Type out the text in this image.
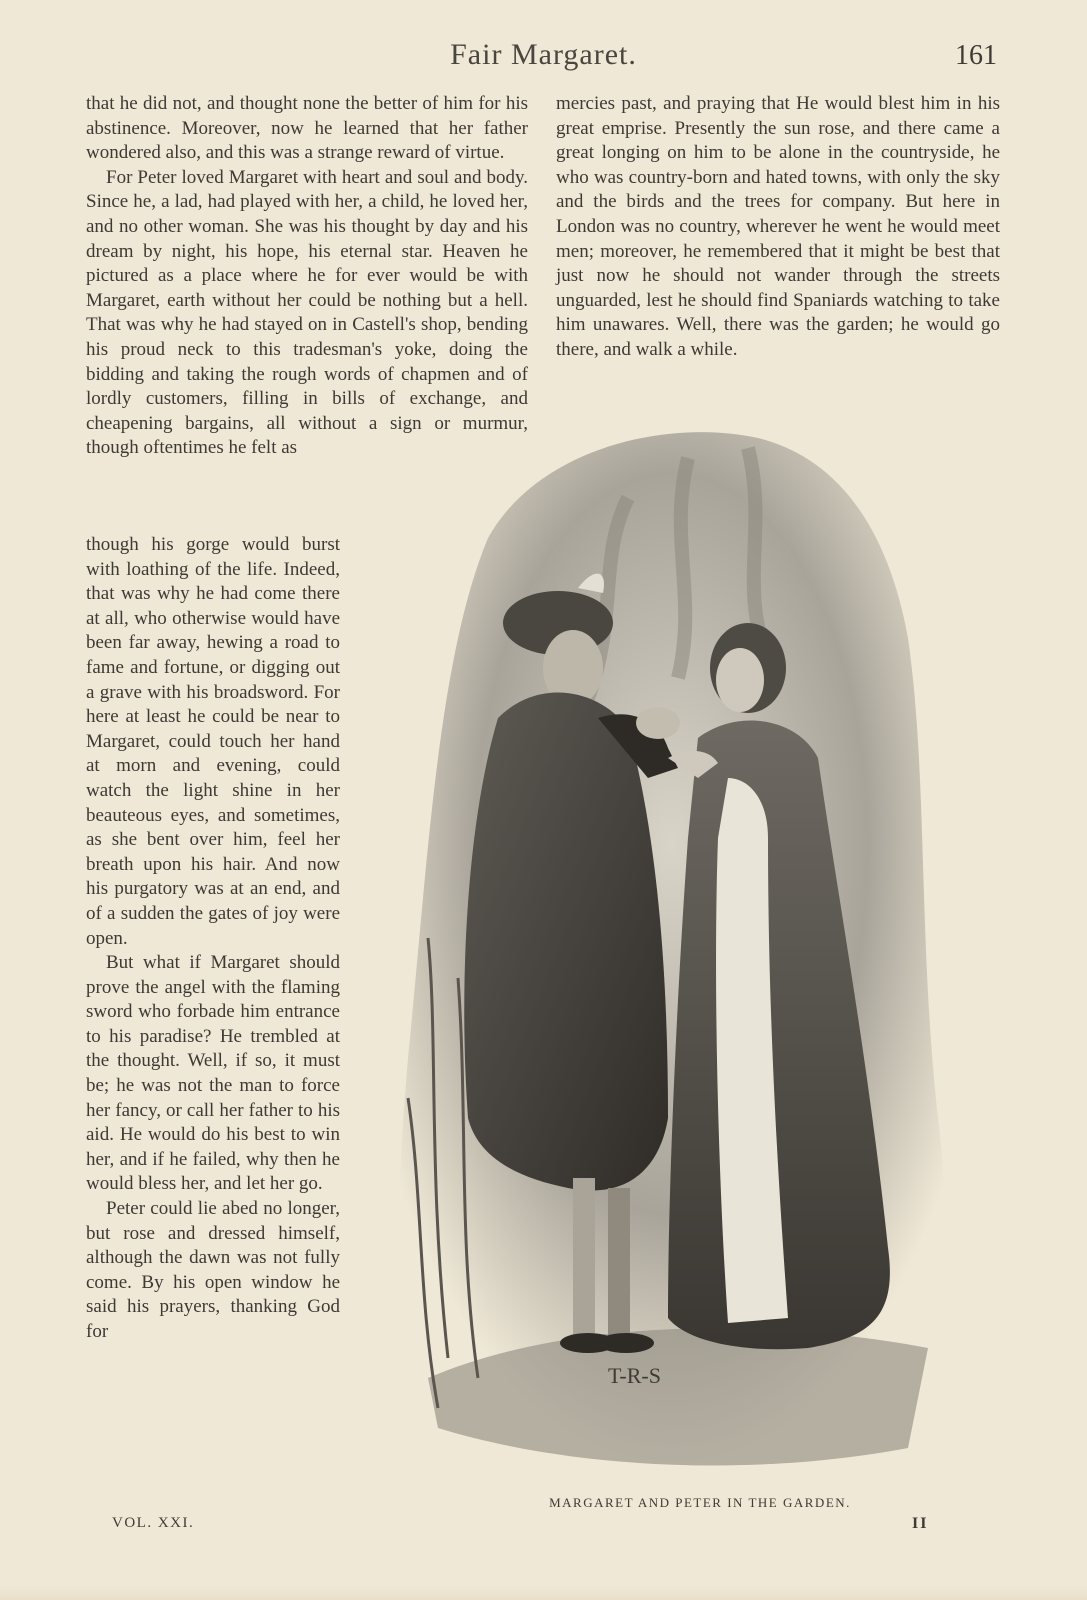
Fair Margaret.	161

that he did not, and thought none the better of him for his abstinence. Moreover, now he learned that her father wondered also, and this was a strange reward of virtue.

For Peter loved Margaret with heart and soul and body. Since he, a lad, had played with her, a child, he loved her, and no other woman. She was his thought by day and his dream by night, his hope, his eternal star. Heaven he pictured as a place where he for ever would be with Margaret, earth without her could be nothing but a hell. That was why he had stayed on in Castell's shop, bending his proud neck to this tradesman's yoke, doing the bidding and taking the rough words of chapmen and of lordly customers, filling in bills of exchange, and cheapening bargains, all without a sign or murmur, though oftentimes he felt as

though his gorge would burst with loathing of the life. Indeed, that was why he had come there at all, who otherwise would have been far away, hewing a road to fame and fortune, or digging out a grave with his broadsword. For here at least he could be near to Margaret, could touch her hand at morn and evening, could watch the light shine in her beauteous eyes, and sometimes, as she bent over him, feel her breath upon his hair. And now his purgatory was at an end, and of a sudden the gates of joy were open.

But what if Margaret should prove the angel with the flaming sword who forbade him entrance to his paradise? He trembled at the thought. Well, if so, it must be; he was not the man to force her fancy, or call her father to his aid. He would do his best to win her, and if he failed, why then he would bless her, and let her go.

Peter could lie abed no longer, but rose and dressed himself, although the dawn was not fully come. By his open window he said his prayers, thanking God for

mercies past, and praying that He would blest him in his great emprise. Presently the sun rose, and there came a great longing on him to be alone in the countryside, he who was country-born and hated towns, with only the sky and the birds and the trees for company. But here in London was no country, wherever he went he would meet men; moreover, he remembered that it might be best that just now he should not wander through the streets unguarded, lest he should find Spaniards watching to take him unawares. Well, there was the garden; he would go there, and walk a while.

T-R-S
MARGARET AND PETER IN THE GARDEN.
VOL. XXI.	II
